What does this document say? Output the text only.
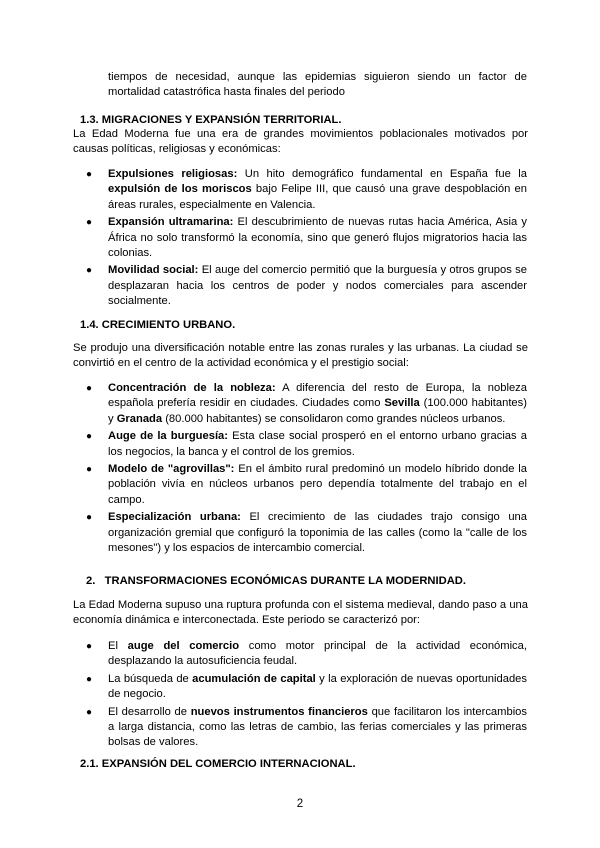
tiempos de necesidad, aunque las epidemias siguieron siendo un factor de mortalidad catastrófica hasta finales del periodo

1.3. MIGRACIONES Y EXPANSIÓN TERRITORIAL.

La Edad Moderna fue una era de grandes movimientos poblacionales motivados por causas políticas, religiosas y económicas:

● Expulsiones religiosas: Un hito demográfico fundamental en España fue la expulsión de los moriscos bajo Felipe III, que causó una grave despoblación en áreas rurales, especialmente en Valencia.
● Expansión ultramarina: El descubrimiento de nuevas rutas hacia América, Asia y África no solo transformó la economía, sino que generó flujos migratorios hacia las colonias.
● Movilidad social: El auge del comercio permitió que la burguesía y otros grupos se desplazaran hacia los centros de poder y nodos comerciales para ascender socialmente.
1.4. CRECIMIENTO URBANO.

Se produjo una diversificación notable entre las zonas rurales y las urbanas. La ciudad se convirtió en el centro de la actividad económica y el prestigio social:

● Concentración de la nobleza: A diferencia del resto de Europa, la nobleza española prefería residir en ciudades. Ciudades como Sevilla (100.000 habitantes) y Granada (80.000 habitantes) se consolidaron como grandes núcleos urbanos.
● Auge de la burguesía: Esta clase social prosperó en el entorno urbano gracias a los negocios, la banca y el control de los gremios.
● Modelo de "agrovillas": En el ámbito rural predominó un modelo híbrido donde la población vivía en núcleos urbanos pero dependía totalmente del trabajo en el campo.
● Especialización urbana: El crecimiento de las ciudades trajo consigo una organización gremial que configuró la toponimia de las calles (como la "calle de los mesones") y los espacios de intercambio comercial.
2.   TRANSFORMACIONES ECONÓMICAS DURANTE LA MODERNIDAD.

La Edad Moderna supuso una ruptura profunda con el sistema medieval, dando paso a una economía dinámica e interconectada. Este periodo se caracterizó por:

● El auge del comercio como motor principal de la actividad económica, desplazando la autosuficiencia feudal.
● La búsqueda de acumulación de capital y la exploración de nuevas oportunidades de negocio.
● El desarrollo de nuevos instrumentos financieros que facilitaron los intercambios a larga distancia, como las letras de cambio, las ferias comerciales y las primeras bolsas de valores.
2.1. EXPANSIÓN DEL COMERCIO INTERNACIONAL.
2
